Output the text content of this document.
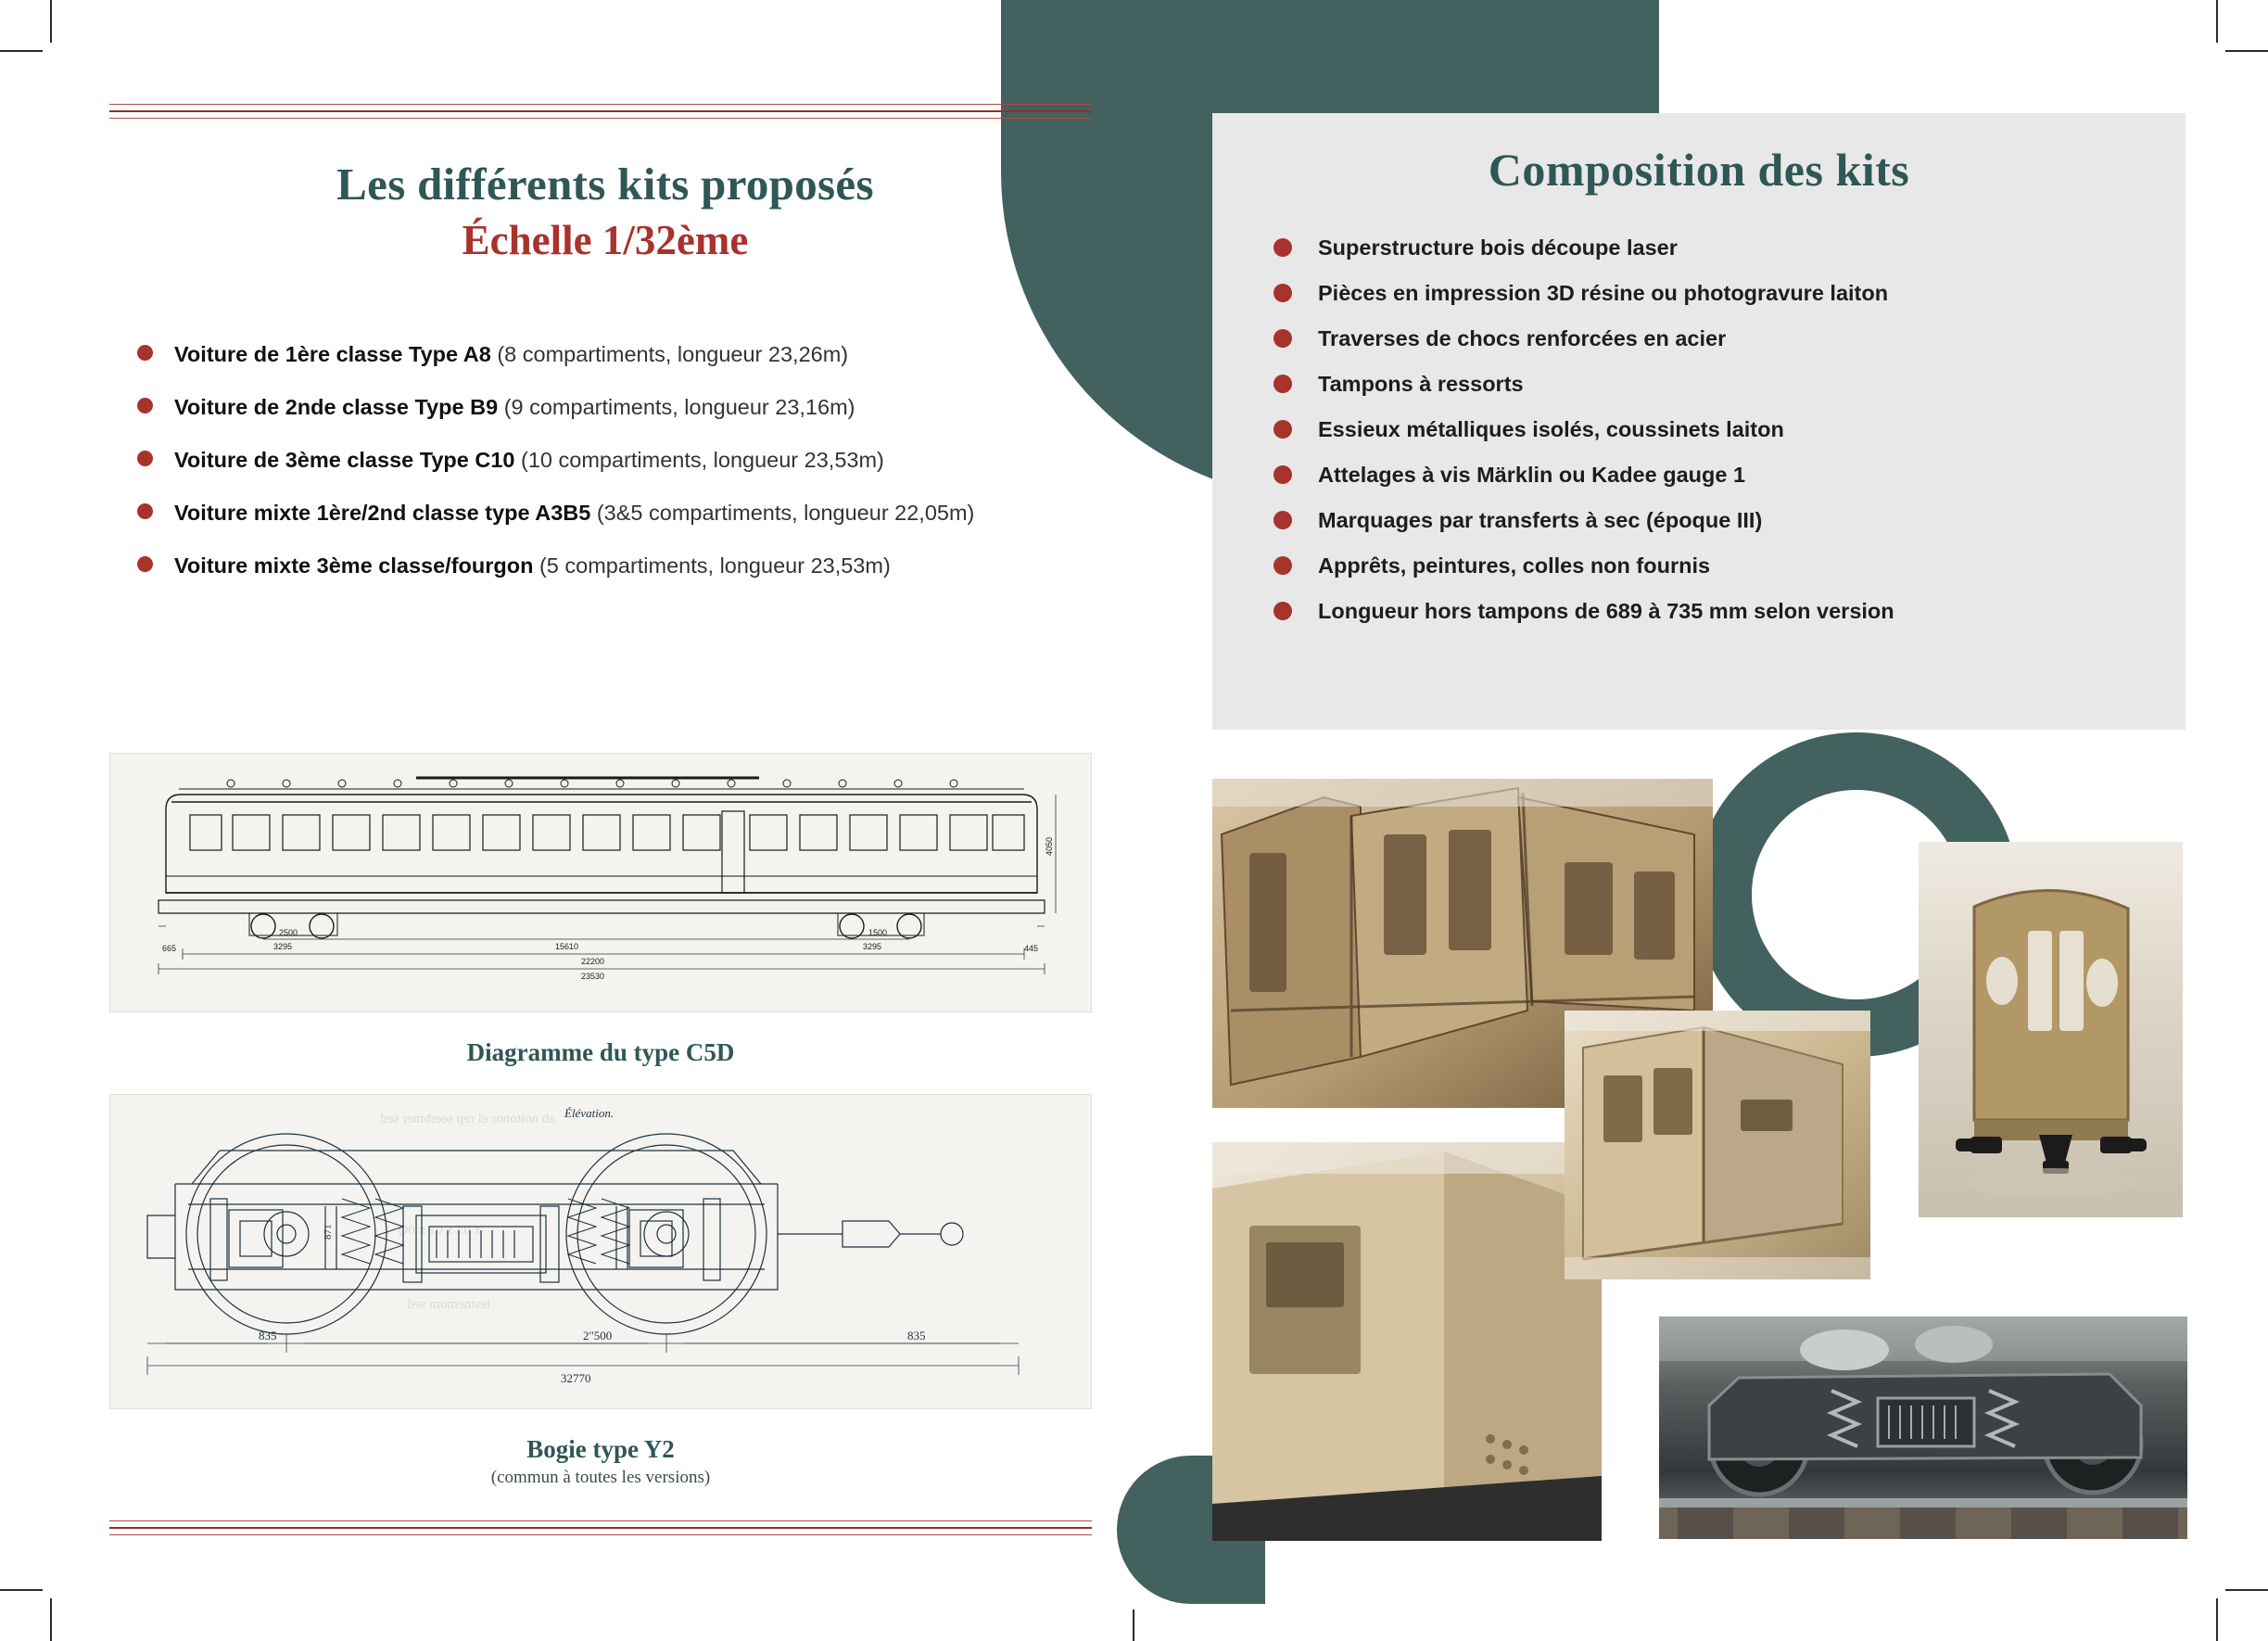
Les différents kits proposés
Échelle 1/32ème
Voiture de 1ère classe Type A8 (8 compartiments, longueur 23,26m)
Voiture de 2nde classe Type B9 (9 compartiments, longueur 23,16m)
Voiture de 3ème classe Type C10 (10 compartiments, longueur 23,53m)
Voiture mixte 1ère/2nd classe type A3B5 (3&5 compartiments, longueur 22,05m)
Voiture mixte 3ème classe/fourgon (5 compartiments, longueur 23,53m)
23530
22200
15610
3295	3295
2500	1500
665	445
4050
Diagramme du type C5D
ab noitonor el rep seerbmer sed
x 03 x 01 x 0Q
lestnemom sed
Élévation.
835	2"500	835
32770
871
Bogie type Y2
(commun à toutes les versions)
Composition des kits
Superstructure bois découpe laser
Pièces en impression 3D résine ou photogravure laiton
Traverses de chocs renforcées en acier
Tampons à ressorts
Essieux métalliques isolés, coussinets laiton
Attelages à vis Märklin ou Kadee gauge 1
Marquages par transferts à sec (époque III)
Apprêts, peintures, colles non fournis
Longueur hors tampons de 689 à 735 mm selon version
